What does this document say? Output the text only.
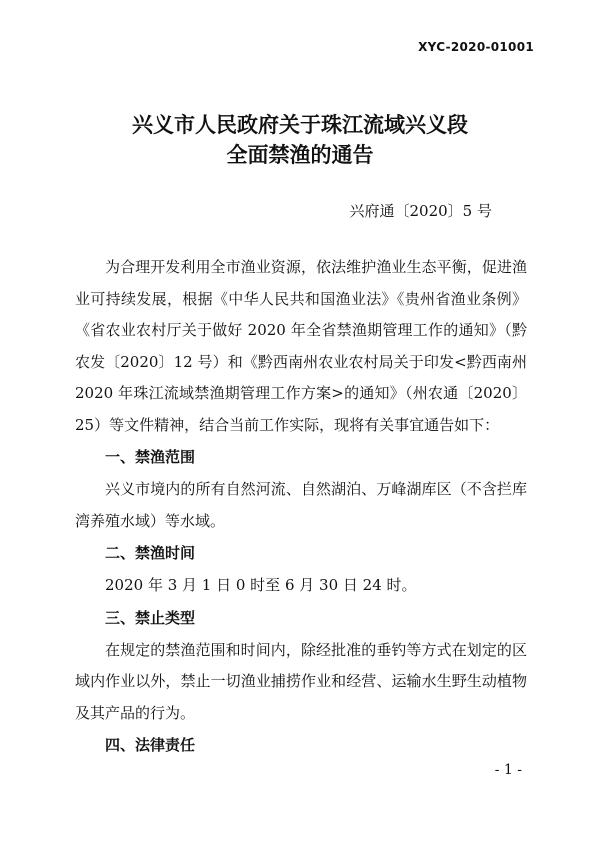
XYC-2020-01001
兴义市人民政府关于珠江流域兴义段
全面禁渔的通告
兴府通〔2020〕5 号

为合理开发利用全市渔业资源，依法维护渔业生态平衡，促进渔业可持续发展，根据《中华人民共和国渔业法》《贵州省渔业条例》《省农业农村厅关于做好 2020 年全省禁渔期管理工作的通知》（黔农发〔2020〕12 号）和《黔西南州农业农村局关于印发<黔西南州 2020 年珠江流域禁渔期管理工作方案>的通知》（州农通〔2020〕25）等文件精神，结合当前工作实际，现将有关事宜通告如下：

一、禁渔范围

兴义市境内的所有自然河流、自然湖泊、万峰湖库区（不含拦库湾养殖水域）等水域。

二、禁渔时间

2020 年 3 月 1 日 0 时至 6 月 30 日 24 时。

三、禁止类型

在规定的禁渔范围和时间内，除经批准的垂钓等方式在划定的区域内作业以外，禁止一切渔业捕捞作业和经营、运输水生野生动植物及其产品的行为。

四、法律责任
- 1 -
